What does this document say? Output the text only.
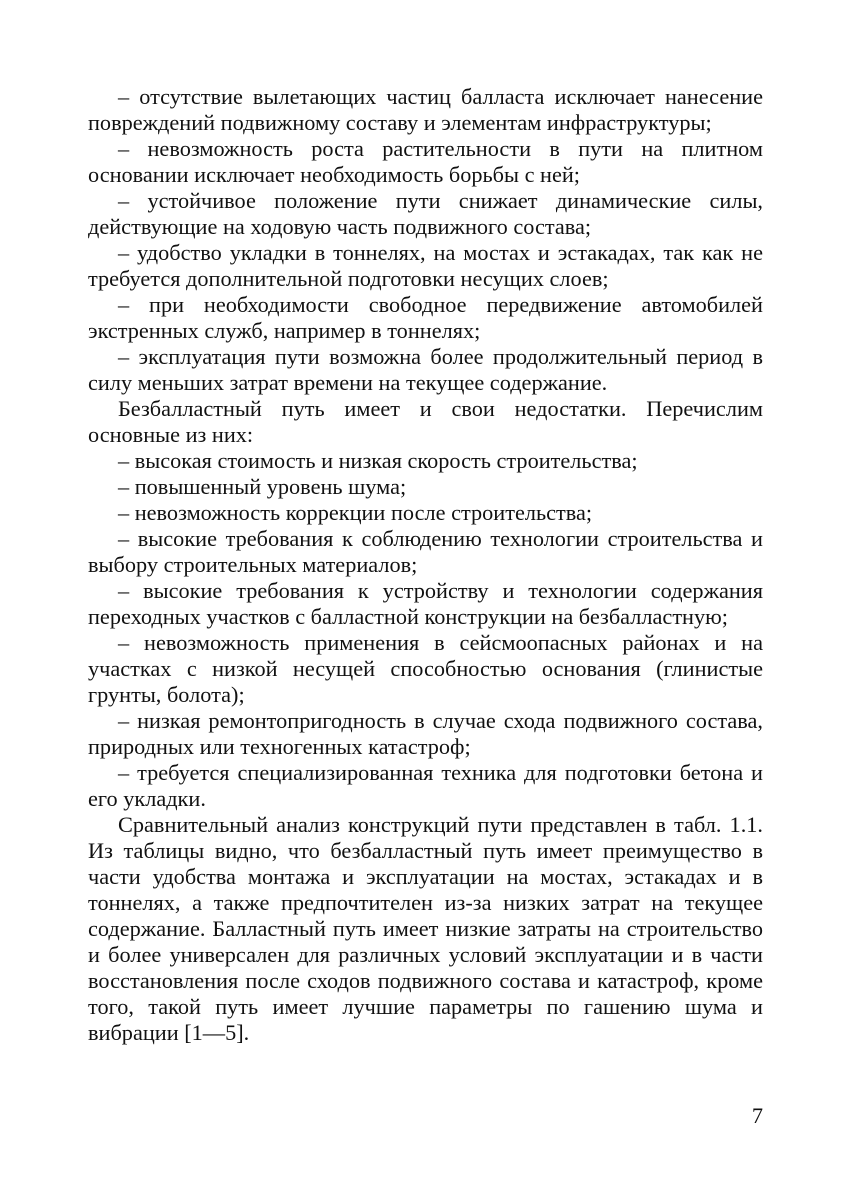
– отсутствие вылетающих частиц балласта исключает нанесение повреждений подвижному составу и элементам инфраструктуры;

– невозможность роста растительности в пути на плитном основании исключает необходимость борьбы с ней;

– устойчивое положение пути снижает динамические силы, действующие на ходовую часть подвижного состава;

– удобство укладки в тоннелях, на мостах и эстакадах, так как не требуется дополнительной подготовки несущих слоев;

– при необходимости свободное передвижение автомобилей экстренных служб, например в тоннелях;

– эксплуатация пути возможна более продолжительный период в силу меньших затрат времени на текущее содержание.

Безбалластный путь имеет и свои недостатки. Перечислим основные из них:

– высокая стоимость и низкая скорость строительства;

– повышенный уровень шума;

– невозможность коррекции после строительства;

– высокие требования к соблюдению технологии строительства и выбору строительных материалов;

– высокие требования к устройству и технологии содержания переходных участков с балластной конструкции на безбалластную;

– невозможность применения в сейсмоопасных районах и на участках с низкой несущей способностью основания (глинистые грунты, болота);

– низкая ремонтопригодность в случае схода подвижного состава, природных или техногенных катастроф;

– требуется специализированная техника для подготовки бетона и его укладки.

Сравнительный анализ конструкций пути представлен в табл. 1.1. Из таблицы видно, что безбалластный путь имеет преимущество в части удобства монтажа и эксплуатации на мостах, эстакадах и в тоннелях, а также предпочтителен из-за низких затрат на текущее содержание. Балластный путь имеет низкие затраты на строительство и более универсален для различных условий эксплуатации и в части восстановления после сходов подвижного состава и катастроф, кроме того, такой путь имеет лучшие параметры по гашению шума и вибрации [1—5].

7
